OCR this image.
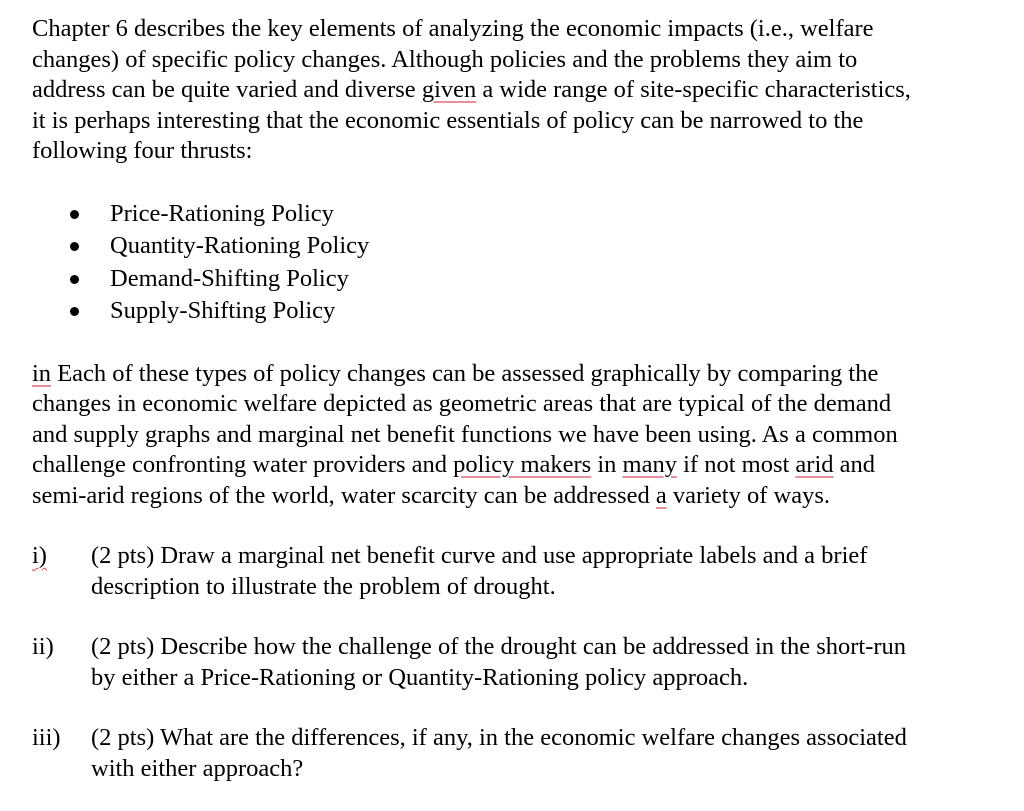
Chapter 6 describes the key elements of analyzing the economic impacts (i.e., welfare
changes) of specific policy changes. Although policies and the problems they aim to
address can be quite varied and diverse given a wide range of site-specific characteristics,
it is perhaps interesting that the economic essentials of policy can be narrowed to the
following four thrusts:

Price-Rationing Policy
Quantity-Rationing Policy
Demand-Shifting Policy
Supply-Shifting Policy

in Each of these types of policy changes can be assessed graphically by comparing the
changes in economic welfare depicted as geometric areas that are typical of the demand
and supply graphs and marginal net benefit functions we have been using. As a common
challenge confronting water providers and policy makers in many if not most arid and
semi-arid regions of the world, water scarcity can be addressed a variety of ways.

i) (2 pts) Draw a marginal net benefit curve and use appropriate labels and a brief
description to illustrate the problem of drought.
ii) (2 pts) Describe how the challenge of the drought can be addressed in the short-run
by either a Price-Rationing or Quantity-Rationing policy approach.
iii) (2 pts) What are the differences, if any, in the economic welfare changes associated
with either approach?
